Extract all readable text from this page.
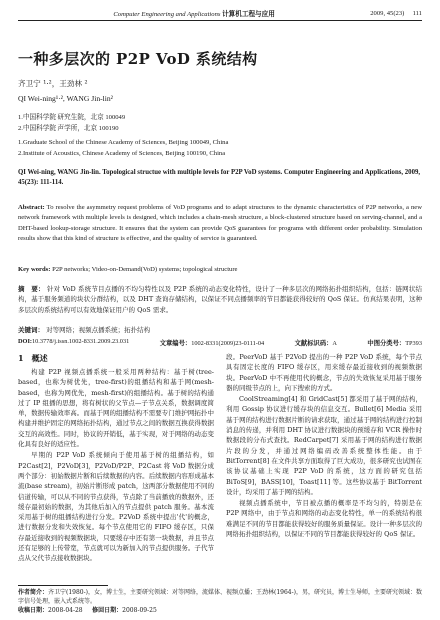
Computer Engineering and Applications 计算机工程与应用	2009, 45(23) 111
一种多层次的 P2P VoD 系统结构
齐卫宁 ¹·²，王劲林 ²
QI Wei-ning¹·², WANG Jin-lin²
1.中国科学院 研究生院，北京 100049
2.中国科学院 声学所，北京 100190
1.Graduate School of the Chinese Academy of Sciences, Beijing 100049, China
2.Institute of Acoustics, Chinese Academy of Sciences, Beijing 100190, China
QI Wei-ning, WANG Jin-lin. Topological structue with multiple levels for P2P VoD systems. Computer Engineering and Applications, 2009, 45(23): 111-114.
Abstract: To resolve the asymmetry request problems of VoD programs and to adapt structures to the dynamic characteristics of P2P networks, a new network framework with multiple levels is designed, which includes a chain-mesh structure, a block-clustered structure based on serving-channel, and a DHT-based lookup-storage structure. It ensures that the system can provide QoS guarantees for programs with different order probability. Simulation results show that this kind of structure is effective, and the quality of service is guaranteed.
Key words: P2P networks; Video-on-Demand(VoD) systems; topological structure
摘　要： 针对 VoD 系统节目点播的不均匀特性以及 P2P 系统的动态变化特性，设计了一种多层次的网络拓扑组织结构，包括：链网状结构，基于服务频道的块状分群结构，以及 DHT 查询存储结构，以保证不同点播频率的节目都能获得较好的 QoS 保证。仿真结果表明，这种多层次的系统结构可以有效地保证用户的 QoS 需求。
关键词： 对等网络；视频点播系统；拓扑结构
DOI:10.3778/j.issn.1002-8331.2009.23.031	文章编号：1002-8331(2009)23-0111-04	文献标识码：A	中图分类号：TP393
1　概述

构建 P2P 视频点播系统一般采用两种结构：基于树(tree-based，也称为树优先，tree-first)的组播结构和基于网(mesh-based，也称为网优先，mesh-first)的组播结构。基于树的结构通过了 IP 组播的思想，将有树状的父节点—子节点关系，数据调度简单，数据传输效率高。而基于网的组播结构不需要专门维护网拓扑中构建并维护固定的网络拓扑结构，通过节点之间的数据互换获得数据交互的高效性。同时，协议的开销低，基于实现，对于网络的动态变化具有良好的适应性。

早期的 P2P VoD 系统倾向于使用基于树的组播结构，如 P2Cast[2]，P2VoD[3]，P2VoD/P2P、P2Cast 将 VoD 数据分成两个部分：初始数据片断和后续数据的内容。后续数据内容形成基本流(base stream)，初始片断形成 patch，这两部分数据使用不同的信道传输，可以从不同的节点获得，节点除了当前播放的数据外，还缓存最初始的数据，为其他后加入的节点提供 patch 服务。基本流采用基于树的组播结构进行分发。P2VoD 系统中提出'代'的概念，进行数据分发和失效恢复。每个节点使用它的 FIFO 缓存区，只保存最近接收到的视频数据块，只要缓存中还有第一块数据，并且节点还有足够的上传带宽，节点就可以为新加入的节点提供服务。子代节点从父代节点接收数据块。

段。PeerVoD 基于 P2VoD 提出的一种 P2P VoD 系统，每个节点具有固定长度的 FIFO 缓存区，用来缓存最近接收到的视频数据块。PeerVoD 中不再使用代的概念，节点的失效恢复采用基于服务器的同级节点的上，向下搜索的方式。

CoolStreaming[4] 和 GridCast[5] 都采用了基于网的结构，利用 Gossip 协议进行缓存块的信息交互。Bullet[6] Media 采用基于网的结构进行数据片断的请求获取，通过基于网的结构进行控制消息的传递，并利用 DHT 协议进行数据块的预缓存和 VCR 操作时数据段的分布式查找。RedCarpet[7] 采用基于网的结构进行数据片段的分发，并通过网络编码改善系统整体性能。由于 BitTorrent[8] 在文件共享方面取得了巨大成功，很多研究也试图在该协议基础上实现 P2P VoD 的系统，这方面的研究包括 BiToS[9]，BASS[10]，Toast[11] 等。这些协议基于 BitTorrent 设计，均采用了基于网的结构。

视频点播系统中，节目被点播的概率是不均匀的，特别是在 P2P 网络中，由于节点和网络的动态变化特性，单一的系统结构很难满足不同的节目都能获得较好的服务质量保证。设计一种多层次的网络拓扑组织结构，以保证不同的节目都能获得较好的 QoS 保证。

作者简介：齐卫宁(1980-)，女，博士生，主要研究领域：对等网络，流媒体、视频点播；王劲林(1964-)，男，研究员，博士生导师，主要研究领域：数字信号处理，嵌入式系统等。
收稿日期：2008-04-28 修回日期：2008-09-25
